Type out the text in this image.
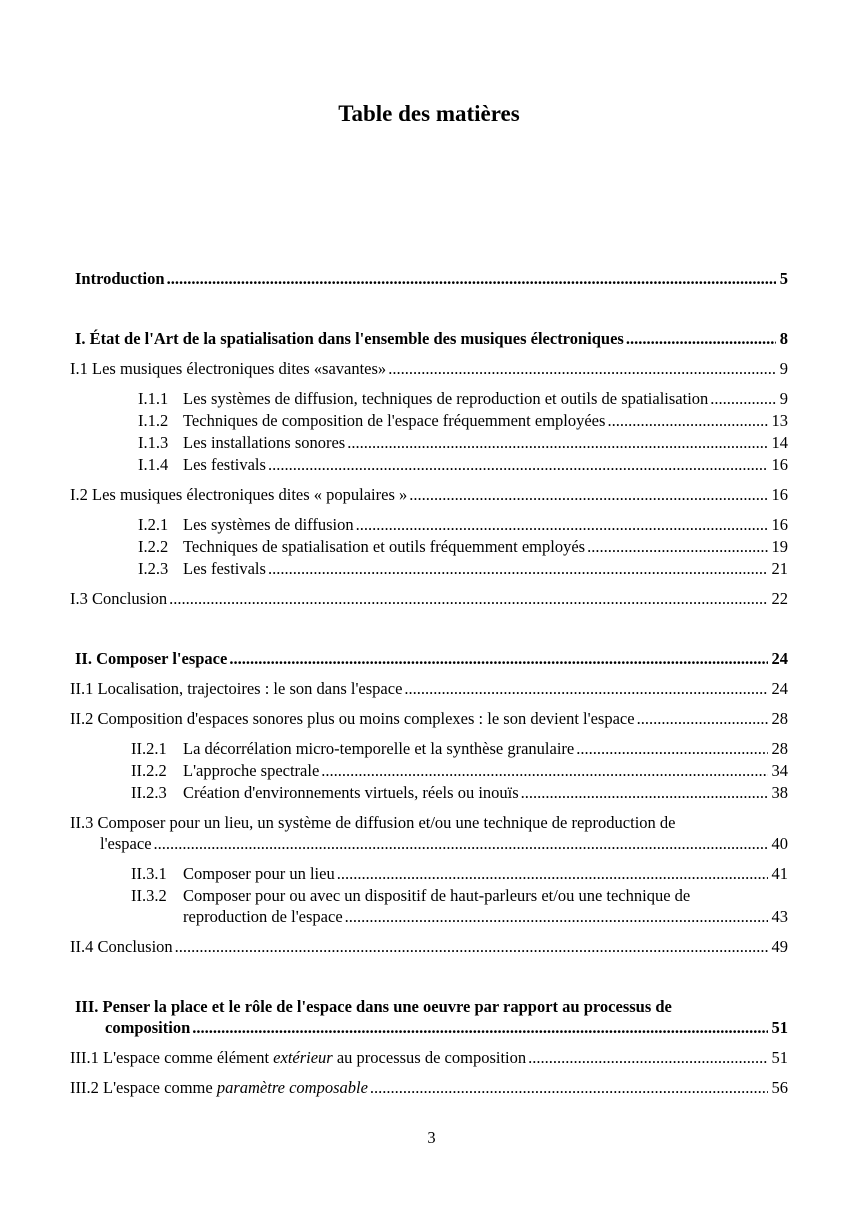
Table des matières
Introduction .....	5
I. État de l'Art de la spatialisation dans l'ensemble des musiques électroniques .....	8
I.1 Les musiques électroniques dites «savantes» .....	9
I.1.1 Les systèmes de diffusion, techniques de reproduction et outils de spatialisation .....	9
I.1.2 Techniques de composition de l'espace fréquemment employées .....	13
I.1.3 Les installations sonores .....	14
I.1.4 Les festivals .....	16
I.2 Les musiques électroniques dites « populaires » .....	16
I.2.1 Les systèmes de diffusion .....	16
I.2.2 Techniques de spatialisation et outils fréquemment employés .....	19
I.2.3 Les festivals .....	21
I.3 Conclusion .....	22
II. Composer l'espace .....	24
II.1 Localisation, trajectoires : le son dans l'espace .....	24
II.2 Composition d'espaces sonores plus ou moins complexes : le son devient l'espace .....	28
II.2.1 La décorrélation micro-temporelle et la synthèse granulaire .....	28
II.2.2 L'approche spectrale .....	34
II.2.3 Création d'environnements virtuels, réels ou inouïs .....	38
II.3 Composer pour un lieu, un système de diffusion et/ou une technique de reproduction de
l'espace .....	40
II.3.1 Composer pour un lieu .....	41
II.3.2 Composer pour ou avec un dispositif de haut-parleurs et/ou une technique de
reproduction de l'espace .....	43
II.4 Conclusion .....	49
III. Penser la place et le rôle de l'espace dans une oeuvre par rapport au processus de
composition .....	51
III.1 L'espace comme élément extérieur au processus de composition .....	51
III.2 L'espace comme paramètre composable .....	56
3
